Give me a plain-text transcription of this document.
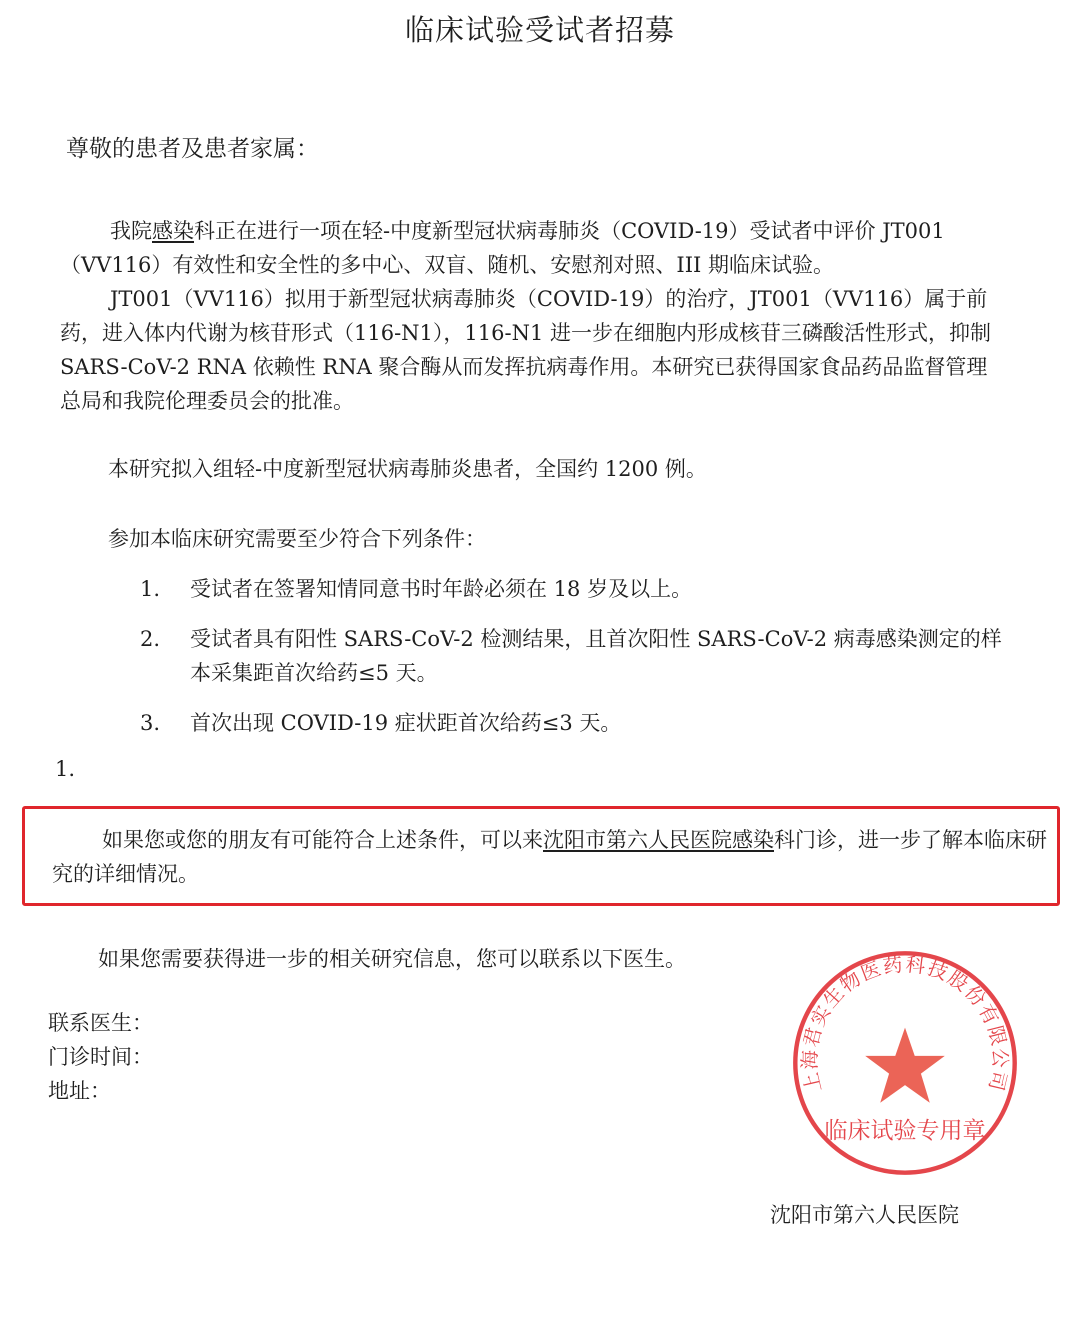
临床试验受试者招募
尊敬的患者及患者家属：
我院感染科正在进行一项在轻-中度新型冠状病毒肺炎（COVID-19）受试者中评价 JT001（VV116）有效性和安全性的多中心、双盲、随机、安慰剂对照、III 期临床试验。
JT001（VV116）拟用于新型冠状病毒肺炎（COVID-19）的治疗，JT001（VV116）属于前药，进入体内代谢为核苷形式（116-N1），116-N1 进一步在细胞内形成核苷三磷酸活性形式，抑制 SARS-CoV-2 RNA 依赖性 RNA 聚合酶从而发挥抗病毒作用。本研究已获得国家食品药品监督管理总局和我院伦理委员会的批准。
本研究拟入组轻-中度新型冠状病毒肺炎患者，全国约 1200 例。
参加本临床研究需要至少符合下列条件：
1.	受试者在签署知情同意书时年龄必须在 18 岁及以上。
2.	受试者具有阳性 SARS-CoV-2 检测结果，且首次阳性 SARS-CoV-2 病毒感染测定的样本采集距首次给药≤5 天。
3.	首次出现 COVID-19 症状距首次给药≤3 天。
1.
如果您或您的朋友有可能符合上述条件，可以来沈阳市第六人民医院感染科门诊，进一步了解本临床研究的详细情况。
如果您需要获得进一步的相关研究信息，您可以联系以下医生。
联系医生：
门诊时间：
地址：
沈阳市第六人民医院
上海君实生物医药科技股份有限公司
临床试验专用章
